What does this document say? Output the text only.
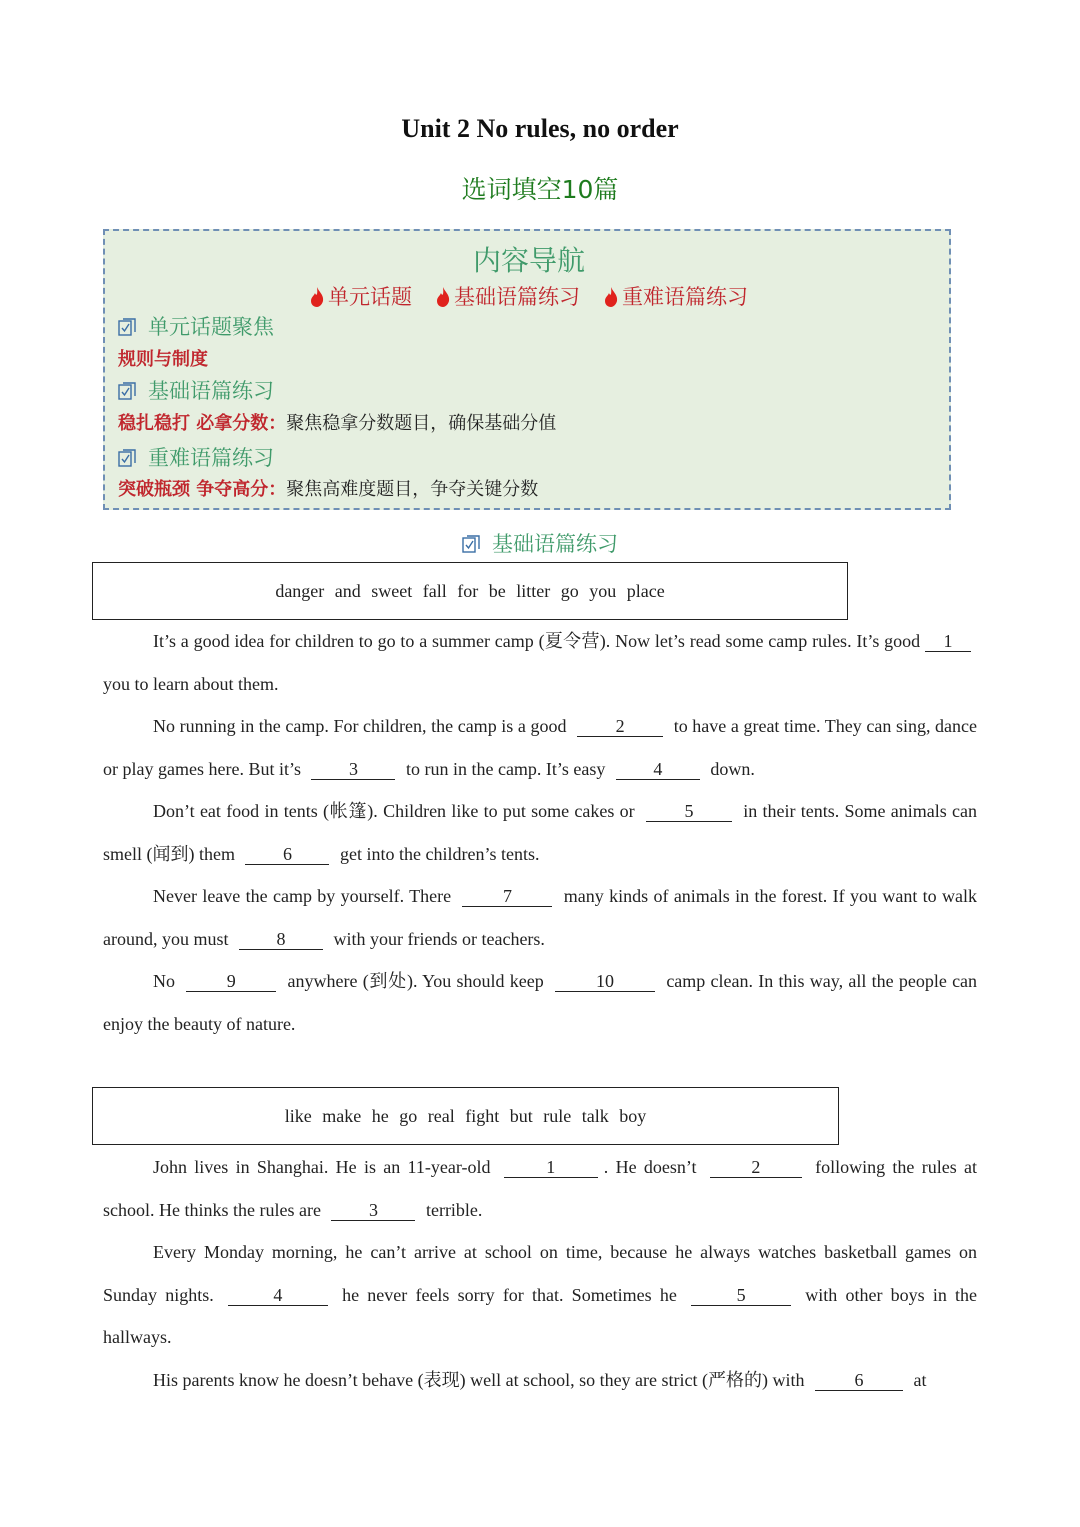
Unit 2 No rules, no order
选词填空10篇
内容导航
单元话题 基础语篇练习 重难语篇练习
单元话题聚焦
规则与制度
基础语篇练习
稳扎稳打 必拿分数：聚焦稳拿分数题目，确保基础分值
重难语篇练习
突破瓶颈 争夺高分：聚焦高难度题目，争夺关键分数
基础语篇练习
danger and sweet fall for be litter go you place

It’s a good idea for children to go to a summer camp (夏令营). Now let’s read some camp rules. It’s good 1you to learn about them.

No running in the camp. For children, the camp is a good	2	to have a great time. They can sing, dance or play games here. But it’s	3	to run in the camp. It’s easy	4	down.

Don’t eat food in tents (帐篷). Children like to put some cakes or	5	in their tents. Some animals can smell (闻到) them	6	get into the children’s tents.

Never leave the camp by yourself. There	7	many kinds of animals in the forest. If you want to walk around, you must	8	with your friends or teachers.

No	9	anywhere (到处). You should keep	10	camp clean. In this way, all the people can enjoy the beauty of nature.

like make he go real fight but rule talk boy

John lives in Shanghai. He is an 11-year-old	1	. He doesn’t	2	following the rules at school. He thinks the rules are	3	terrible.

Every Monday morning, he can’t arrive at school on time, because he always watches basketball games on Sunday nights.	4	he never feels sorry for that. Sometimes he	5	with other boys in the hallways.

His parents know he doesn’t behave (表现) well at school, so they are strict (严格的) with	6	at
